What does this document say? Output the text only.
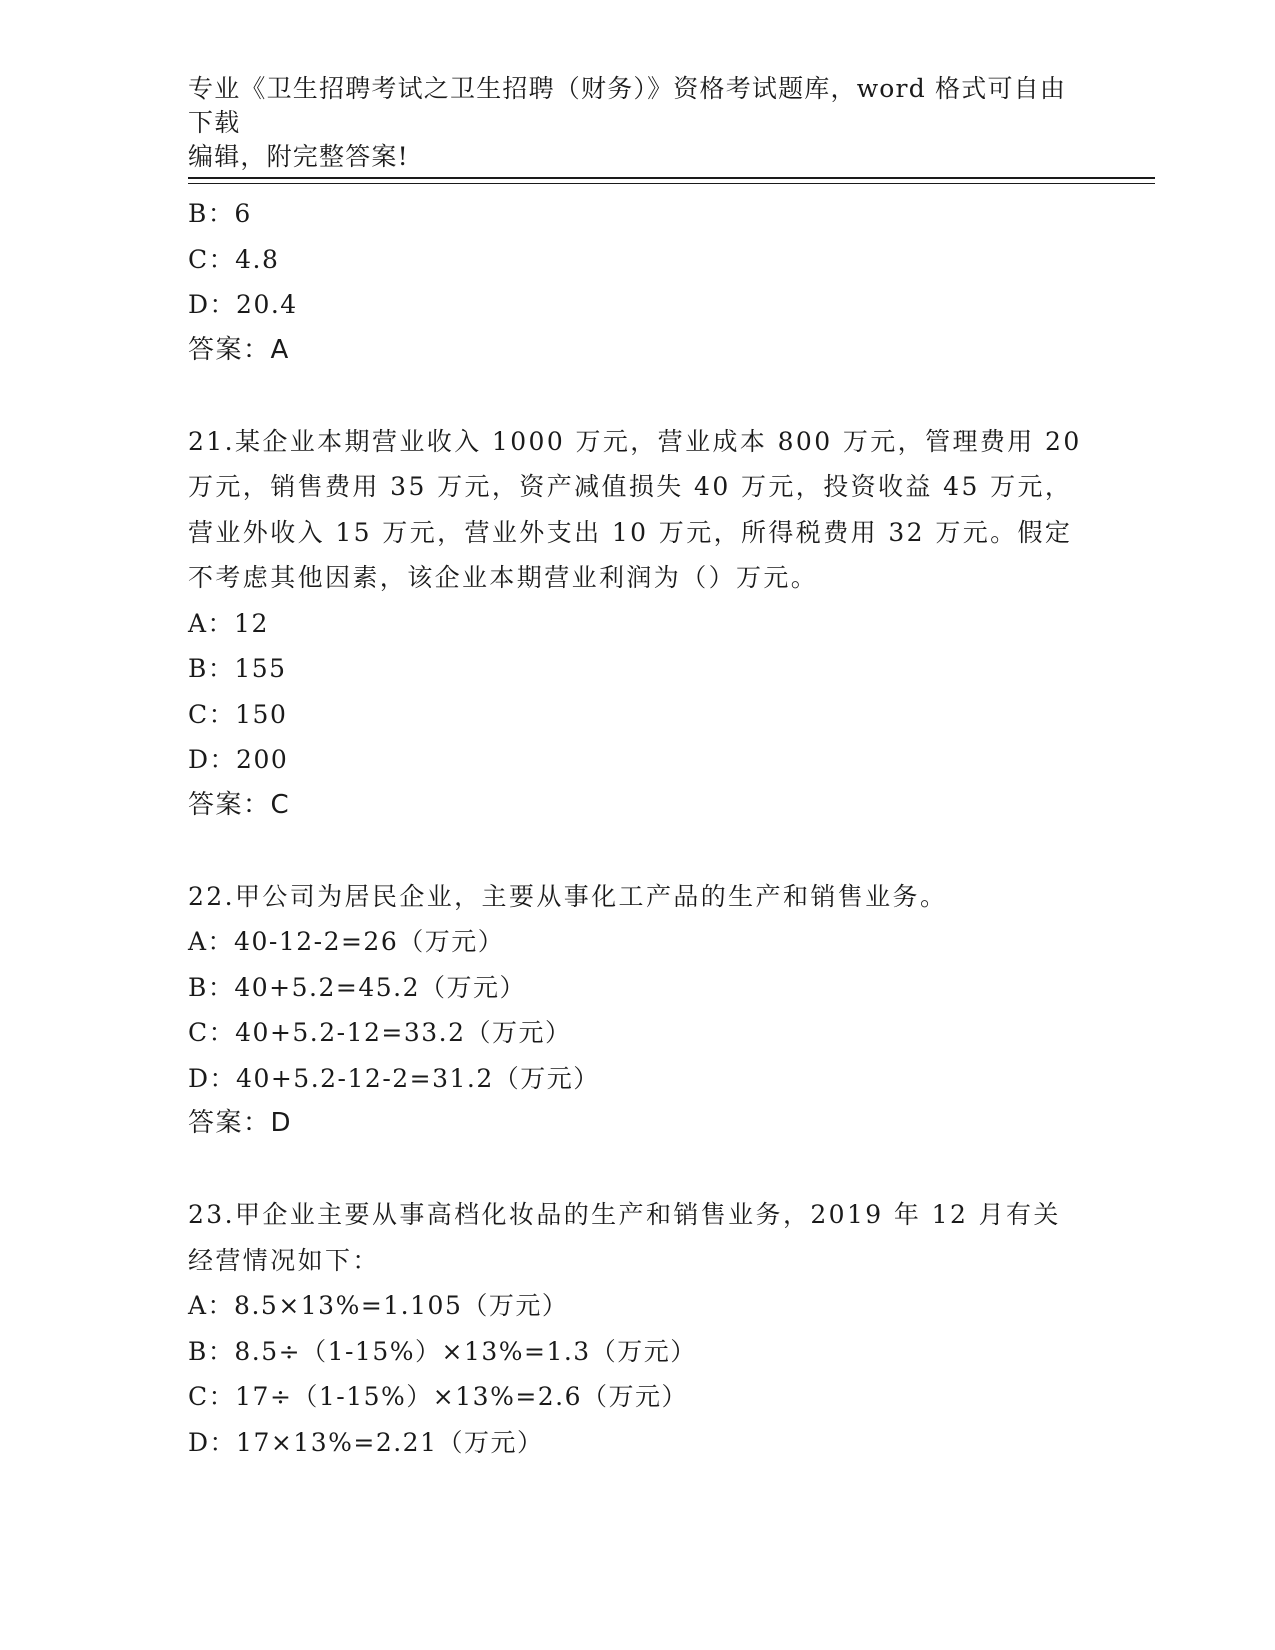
专业《卫生招聘考试之卫生招聘（财务）》资格考试题库，word 格式可自由下载
编辑，附完整答案!
B：6
C：4.8
D：20.4
答案：A
21.某企业本期营业收入 1000 万元，营业成本 800 万元，管理费用 20
万元，销售费用 35 万元，资产减值损失 40 万元，投资收益 45 万元，
营业外收入 15 万元，营业外支出 10 万元，所得税费用 32 万元。假定
不考虑其他因素，该企业本期营业利润为（）万元。
A：12
B：155
C：150
D：200
答案：C
22.甲公司为居民企业，主要从事化工产品的生产和销售业务。
A：40-12-2=26（万元）
B：40+5.2=45.2（万元）
C：40+5.2-12=33.2（万元）
D：40+5.2-12-2=31.2（万元）
答案：D
23.甲企业主要从事高档化妆品的生产和销售业务，2019 年 12 月有关
经营情况如下：
A：8.5×13%=1.105（万元）
B：8.5÷（1-15%）×13%=1.3（万元）
C：17÷（1-15%）×13%=2.6（万元）
D：17×13%=2.21（万元）
